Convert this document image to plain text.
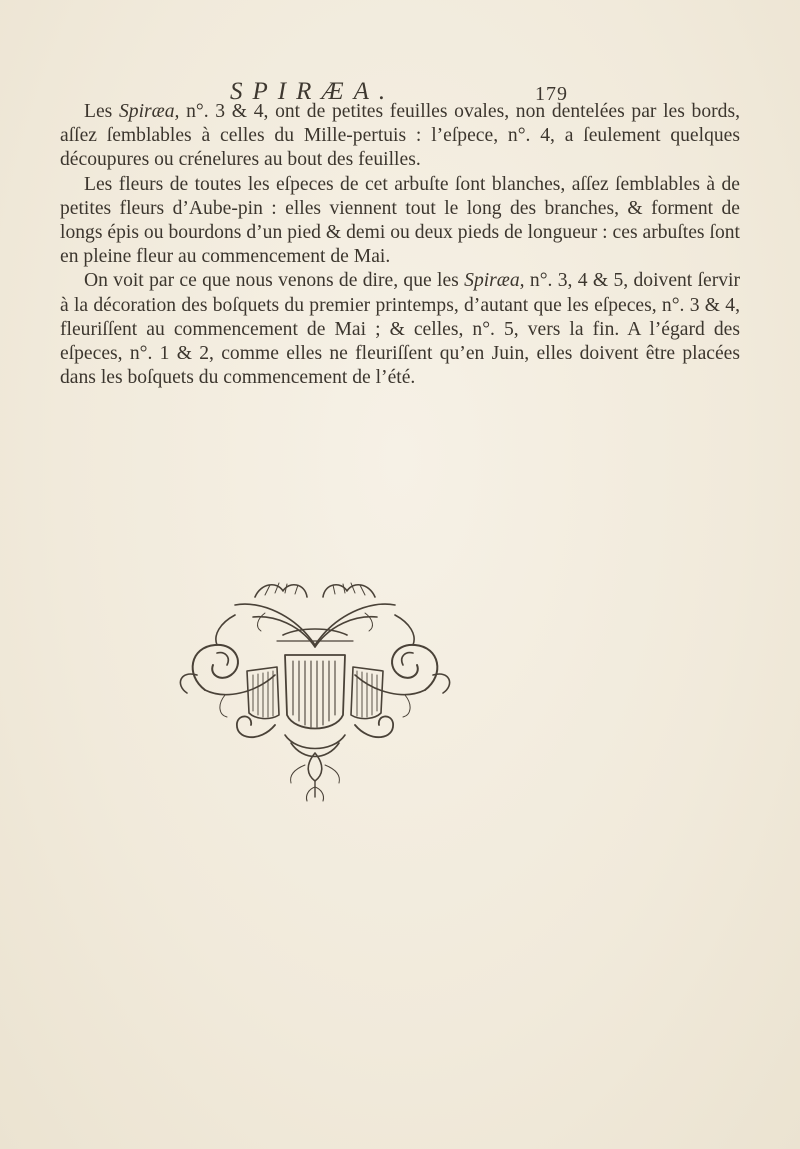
SPIRÆA.	179

Les Spiræa, n°. 3 & 4, ont de petites feuilles ovales, non dentelées par les bords, aſſez ſemblables à celles du Mille-pertuis : l’eſpece, n°. 4, a ſeulement quelques découpures ou crénelures au bout des feuilles.

Les fleurs de toutes les eſpeces de cet arbuſte ſont blanches, aſſez ſemblables à de petites fleurs d’Aube-pin : elles viennent tout le long des branches, & forment de longs épis ou bourdons d’un pied & demi ou deux pieds de longueur : ces arbuſtes ſont en pleine fleur au commencement de Mai.

On voit par ce que nous venons de dire, que les Spiræa, n°. 3, 4 & 5, doivent ſervir à la décoration des boſquets du premier printemps, d’autant que les eſpeces, n°. 3 & 4, fleuriſſent au commencement de Mai ; & celles, n°. 5, vers la fin. A l’égard des eſpeces, n°. 1 & 2, comme elles ne fleuriſſent qu’en Juin, elles doivent être placées dans les boſquets du commencement de l’été.
